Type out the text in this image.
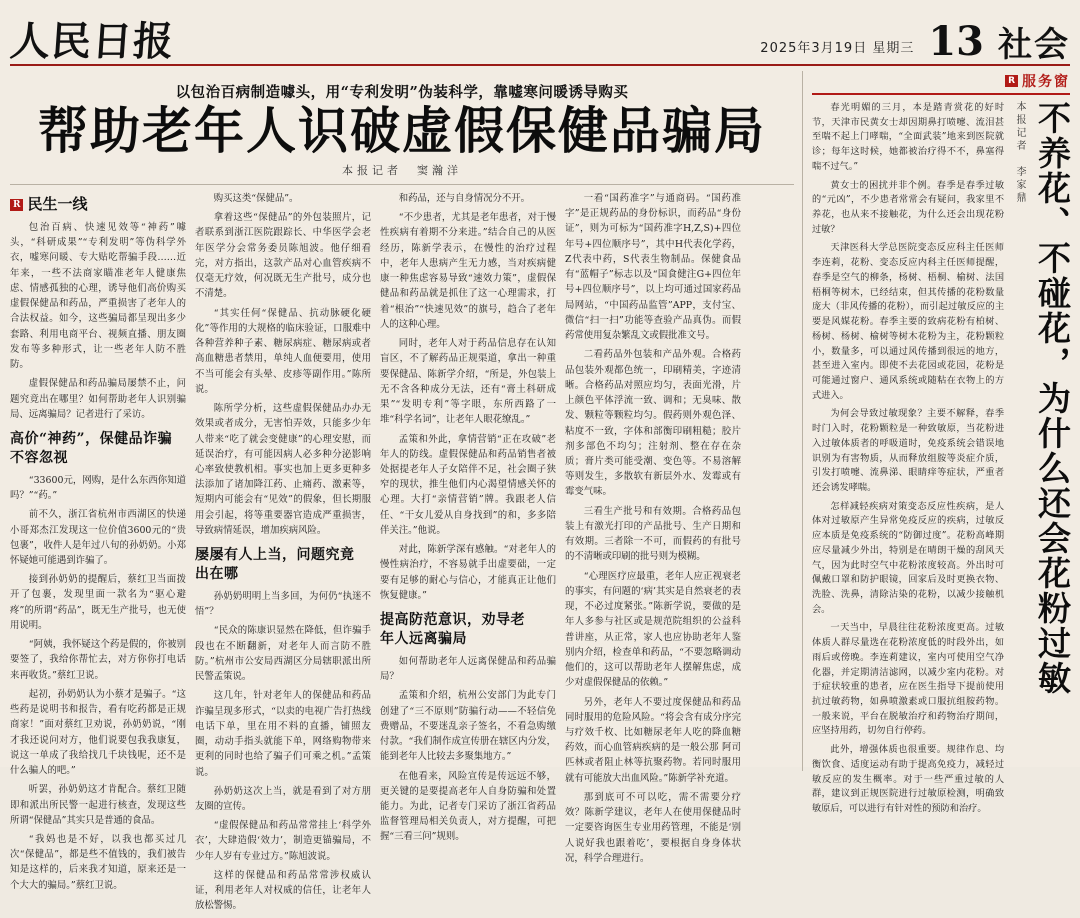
人民日报	2025年3月19日 星期三 13 社会
以包治百病制造噱头，用“专利发明”伪装科学，靠嘘寒问暖诱导购买
帮助老年人识破虚假保健品骗局
本报记者　窦瀚洋
R 民生一线

包治百病、快速见效等“神药”噱头，“科研成果”“专利发明”等伪科学外衣，嘘寒问暖、专大贴吃帮骗手段……近年来，一些不法商家瞄准老年人健康焦虑、情感孤独的心理，诱导他们高价购买虚假保健品和药品，严重损害了老年人的合法权益。如今，这些骗局都呈现出多少套路、利用电商平台、视频直播、朋友圈发布等多种形式，让一些老年人防不胜防。

虚假保健品和药品骗局屡禁不止，问题究竟出在哪里？如何帮助老年人识别骗局、远离骗局？记者进行了采访。

高价“神药”，保健品诈骗
不容忽视

“33600元，网购，是什么东西你知道吗？”“药。”

前不久，浙江省杭州市西湖区的快递小哥郑杰江发现这一位价值3600元的“贵包裹”，收件人是年过八旬的孙奶奶。小郑怀疑她可能遇到诈骗了。

接到孙奶奶的提醒后，蔡红卫当面拨开了包裹，发现里面一款名为“驱心避疼”的所谓“药品”，既无生产批号，也无使用说明。

“阿姨，我怀疑这个药是假的，你被别要签了，我给你帮忙去，对方你你打电话来再收货。”蔡红卫说。

起初，孙奶奶认为小蔡才是骗子。“这些药是说明书和报告，看有吃药都是正规商家！”面对蔡红卫劝说，孙奶奶说，“刚才我还说问对方，他们说要包我我康复，说这一单成了我给找几千块钱呢，还不是什么骗人的吧。”

听罢，孙奶奶这才肯配合。蔡红卫随即和派出所民警一起进行核查，发现这些所谓“保健品”其实只是普通的食品。

“我妈也是不好，以我也都买过几次“保健品”，都是些不值钱的，我们被告知是这样的，后来我才知道，原来还是一个大大的骗局。”蔡红卫说。

购买这类“保健品”。

拿着这些“保健品”的外包装照片，记者联系到浙江医院跟踪长、中华医学会老年医学分会常务委员陈旭波。他仔细看完，对方指出，这款产品对心血管疾病不仅毫无疗效，何况既无生产批号，成分也不清楚。

“其实任何“保健品、抗动脉硬化硬化”等作用的大规格的临床验证，口服难中各种营养种子素、糖尿病症、糖尿病或者高血糖患者禁用，单纯人血便要用，使用不当可能会有头晕、皮疹等副作用。”陈所说。

陈所学分析，这些虚假保健品办办无效果或者成分，无害怕弄效，只能多少年人带来“吃了就会变健康”的心理安慰，而延误治疗，有可能因病人必多种分泌影响心率致使教机相。事实也加上更多更种多法添加了诸加降江药、止痛药、激素等，短期内可能会有“见效”的假象，但长期服用会引起，将等重要器官造成严重损害，导致病情延误，增加疾病风险。

屡屡有人上当，问题究竟
出在哪

孙奶奶明明上当多回，为何仍“执迷不悟”？

“民众的陈康识显然在降低，但诈骗手段也在不断翻新，对老年人而言防不胜防。”杭州市公安局西湖区分局辖职派出所民警孟策说。

这几年，针对老年人的保健品和药品诈骗呈现多形式，“以卖的电视广告打热线电话下单，里在用不料的直播，铺照友圈，动动手指头就能下单，网络购物带来更利的同时也给了骗子们可乘之机。”孟策说。

孙奶奶这次上当，就是看到了对方朋友圈的宣传。

“虚假保健品和药品常常挂上‘科学外衣’，大肆造假‘效力’，制造更锚骗局，不少年人岁有专业过方。”陈旭波说。

这样的保健品和药品常常涉权威认证，利用老年人对权威的信任，让老年人放松警惕。

和药品，还与自身情况分不开。

“不少患者，尤其是老年患者，对于慢性疾病有着期不分来进。”结合自己的从医经历，陈新学表示，在慢性的治疗过程中，老年人患病产生无力感，当对疾病健康一种焦虑容易导致“速效力策”，虚假保健品和药品就是抓住了这一心理需求，打着“根治”“快速见效”的旗号，趋合了老年人的这种心理。

同时，老年人对于药品信息存在认知盲区，不了解药品正规渠道，拿出一种重要保健品、陈新学介绍，“所是，外包装上无不含各种成分无法，还有“膏土科研成果”“发明专利”等字眼，东所西路了一堆“科学名词”，让老年人眼花缭乱。”

孟策和外此，拿情营销“正在攻破”老年人的防线。虚假保健品和药品销售者被处据提老年人子女陪伴不足，社会圈子狭窄的现状，推生他们内心渴望情感关怀的心理。大打“亲情营销”牌。我跟老人信任、“干女儿爱从自身找到”的和，多多陪伴关注。”他说。

对此，陈新学深有感触。“对老年人的慢性病治疗，不容易就手出虚要础，一定要有足够的耐心与信心，才能真正让他们恢复健康。”

提高防范意识，劝导老
年人远离骗局

如何帮助老年人远离保健品和药品骗局？

孟策和介绍，杭州公安部门为此专门创建了“三不原则”防骗行动——不轻信免费赠品，不要迷乱亲子签名，不看急购缴付款。“我们制作成宣传册在辖区内分发，能到老年人比较去多聚集地方。”

在他看来，风险宣传是传远远不够，更关键的是要提高老年人自身防骗和处置能力。为此，记者专门采访了浙江省药品监督管理局相关负责人，对方提醒，可把握“三看三问”规则。

一看“国药准字”与通商码。“国药准字”是正规药品的身份标识，而药品“身份证”，则为可标为“国药准字H,Z,S)+四位年号+四位顺序号”，其中H代表化学药，Z代表中药，S代表生物制品。保健食品有“蓝帽子”标志以及“国食健注G+四位年号+四位顺序号”，以上均可通过国家药品局网站，“中国药品监管”APP，支付宝、微信“扫一扫”功能等查验产品真伪。而假药常使用复杂繁乱文或假批准文号。

二看药品外包装和产品外观。合格药品包装外观都色统一，印刷精美，字迹清晰。合格药品对照应均匀，表面光滑，片上颜色平体浮流一致、调和；无臭味、散发、颗粒等颗粒均匀。假药则外观色泽、粘度不一致，字体和部衡印刷粗糙；胶片剂多部色不均匀；注射剂、整在存在杂质；膏片类可能受潮、变色等。不易溶解等则发生，多散软有新层外水、发霉或有霉变气味。

三看生产批号和有效期。合格药品包装上有激光打印的产品批号、生产日期和有效期。三者除一不可，而假药的有批号的不清晰或印刷的批号则为模糊。

“心理医疗应最重，老年人应正视衰老的事实，有问题的‘病’其实是自然衰老的表现，不必过度紧张。”陈新学说，要做的是年人多参与社区或是规范院组织的公益科普讲座，从正常，家人也应协助老年人鉴别内介绍，检查单和药品，“不要忽略调动他们的，这可以帮助老年人摆解焦虑，成少对虚假保健品的依赖。”

另外，老年人不要过度保健品和药品同时服用的危险风险。“将会含有成分序完与疗效千枚、比如糖尿老年人吃的降血糖药效，而心血管病疾病的是一般公那 阿司匹林或者阻止林等抗聚药物。若同时服用就有可能放大出血风险。”陈新学补充道。

那到底可不可以吃，需不需要分疗效？陈新学建议，老年人在使用保健品时一定要咨询医生专业用药管理，不能是‘别人说好我也跟着吃’，要根据自身身体状况，科学合理进行。

R 服务窗

春光明媚的三月，本是踏青赏花的好时节，天津市民黄女士却因期鼻打喷嚏、流泪甚至喘不起上门哮喘，“全面武装”地来到医院就诊；每年这时候，她都被治疗得不不，鼻塞得喘不过气。”

黄女士的困扰并非个例。春季是春季过敏的“元凶”，不少患者常常会有疑问，我家里不养花，也从来不接触花，为什么还会出现花粉过敏？

天津医科大学总医院变态反应科主任医师李连莉，花粉、变态反应内科主任医师提醒，春季是空气的柳条，杨树、梧桐、榆树、法国梧桐等树木，已经结束，但其传播的花粉数量庞大（非风传播的花粉），而引起过敏反应的主要是风媒花粉。春季主要的致病花粉有柏树、杨树、杨树、榆树等树木花粉为主，花粉颗粒小，数量多，可以通过风传播到很远的地方，甚至进入室内。即使不去花园或花园，花粉是可能通过窗户、通风系统或随粘在衣物上的方式进入。

为何会导致过敏现象？主要不解释，春季时门入时，花粉颗粒是一种致敏原，当花粉进入过敏体质者的呼吸道时，免疫系统会错误地识别为有害物质，从而释放组胺等炎症介质，引发打喷嚏、流鼻涕、眼睛痒等症状，严重者还会诱发哮喘。

怎样减轻疾病对策变态反应性疾病，是人体对过敏原产生异常免疫反应的疾病，过敏反应本质是免疫系统的“防御过度”。花粉高峰期应尽量减少外出，特别是在晴朗干燥的刮风天气，因为此时空气中花粉浓度较高。外出时可佩戴口罩和防护眼镜，回家后及时更换衣物、洗脸、洗鼻，清除沾染的花粉，以减少接触机会。

一天当中，早晨往往花粉浓度更高。过敏体质人群尽量选在花粉浓度低的时段外出，如雨后或傍晚。李连莉建议，室内可使用空气净化器，并定期清洁滤网，以减少室内花粉。对于症状较重的患者，应在医生指导下提前使用抗过敏药物，如鼻喷激素或口服抗组胺药物。一般来说，平台在脱敏治疗和药物治疗期间，应坚持用药，切勿自行停药。

此外，增强体质也很重要。规律作息、均衡饮食、适度运动有助于提高免疫力，减轻过敏反应的发生概率。对于一些严重过敏的人群，建议到正规医院进行过敏原检测，明确致敏原后，可以进行有针对性的预防和治疗。

本报记者　李家鼎 不养花、不碰花，为什么还会花粉过敏
